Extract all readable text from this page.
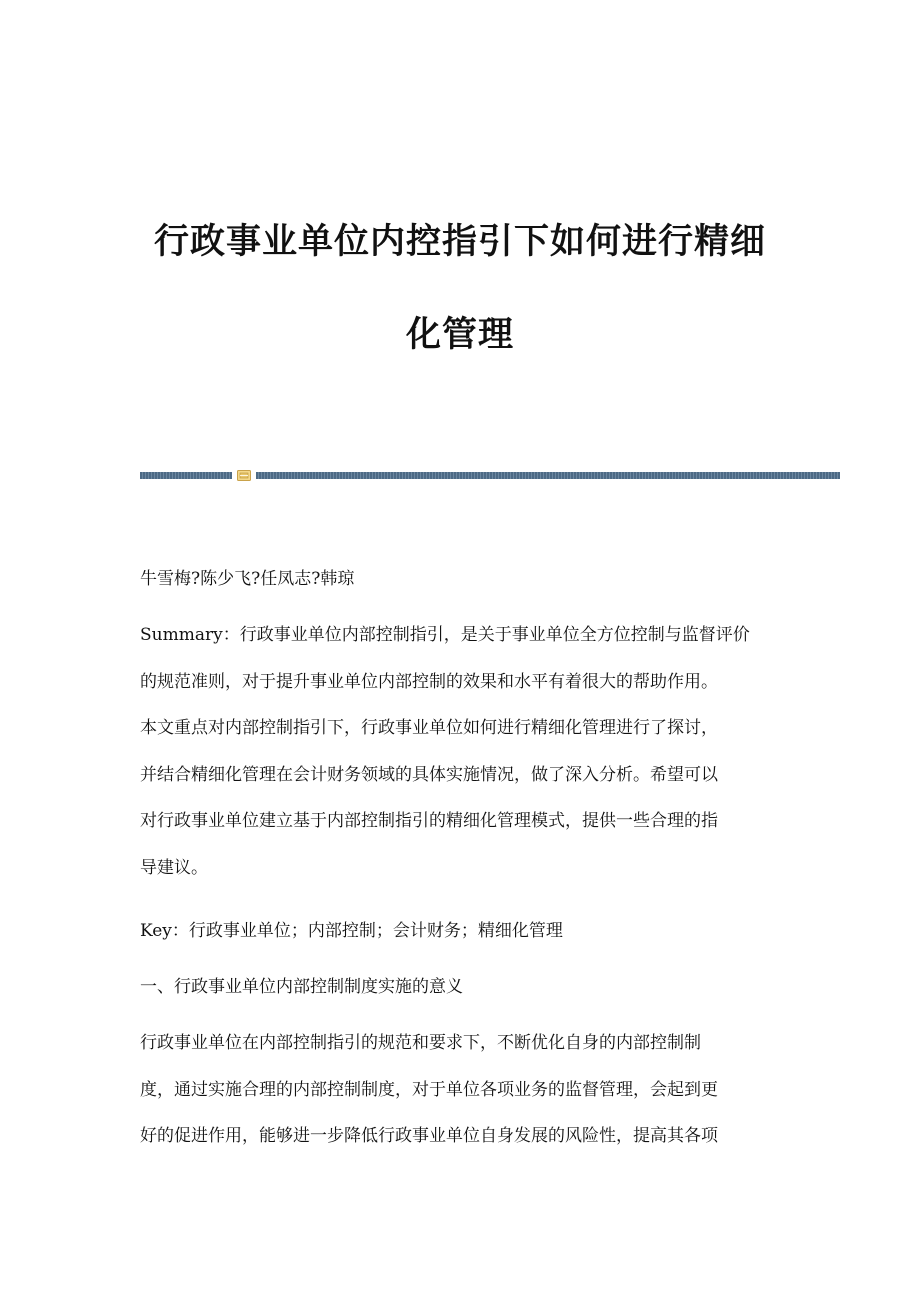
行政事业单位内控指引下如何进行精细
化管理

牛雪梅?陈少飞?任凤志?韩琼

Summary：行政事业单位内部控制指引，是关于事业单位全方位控制与监督评价
的规范准则，对于提升事业单位内部控制的效果和水平有着很大的帮助作用。
本文重点对内部控制指引下，行政事业单位如何进行精细化管理进行了探讨，
并结合精细化管理在会计财务领域的具体实施情况，做了深入分析。希望可以
对行政事业单位建立基于内部控制指引的精细化管理模式，提供一些合理的指
导建议。

Key：行政事业单位；内部控制；会计财务；精细化管理

一、行政事业单位内部控制制度实施的意义

行政事业单位在内部控制指引的规范和要求下，不断优化自身的内部控制制
度，通过实施合理的内部控制制度，对于单位各项业务的监督管理，会起到更
好的促进作用，能够进一步降低行政事业单位自身发展的风险性，提高其各项
